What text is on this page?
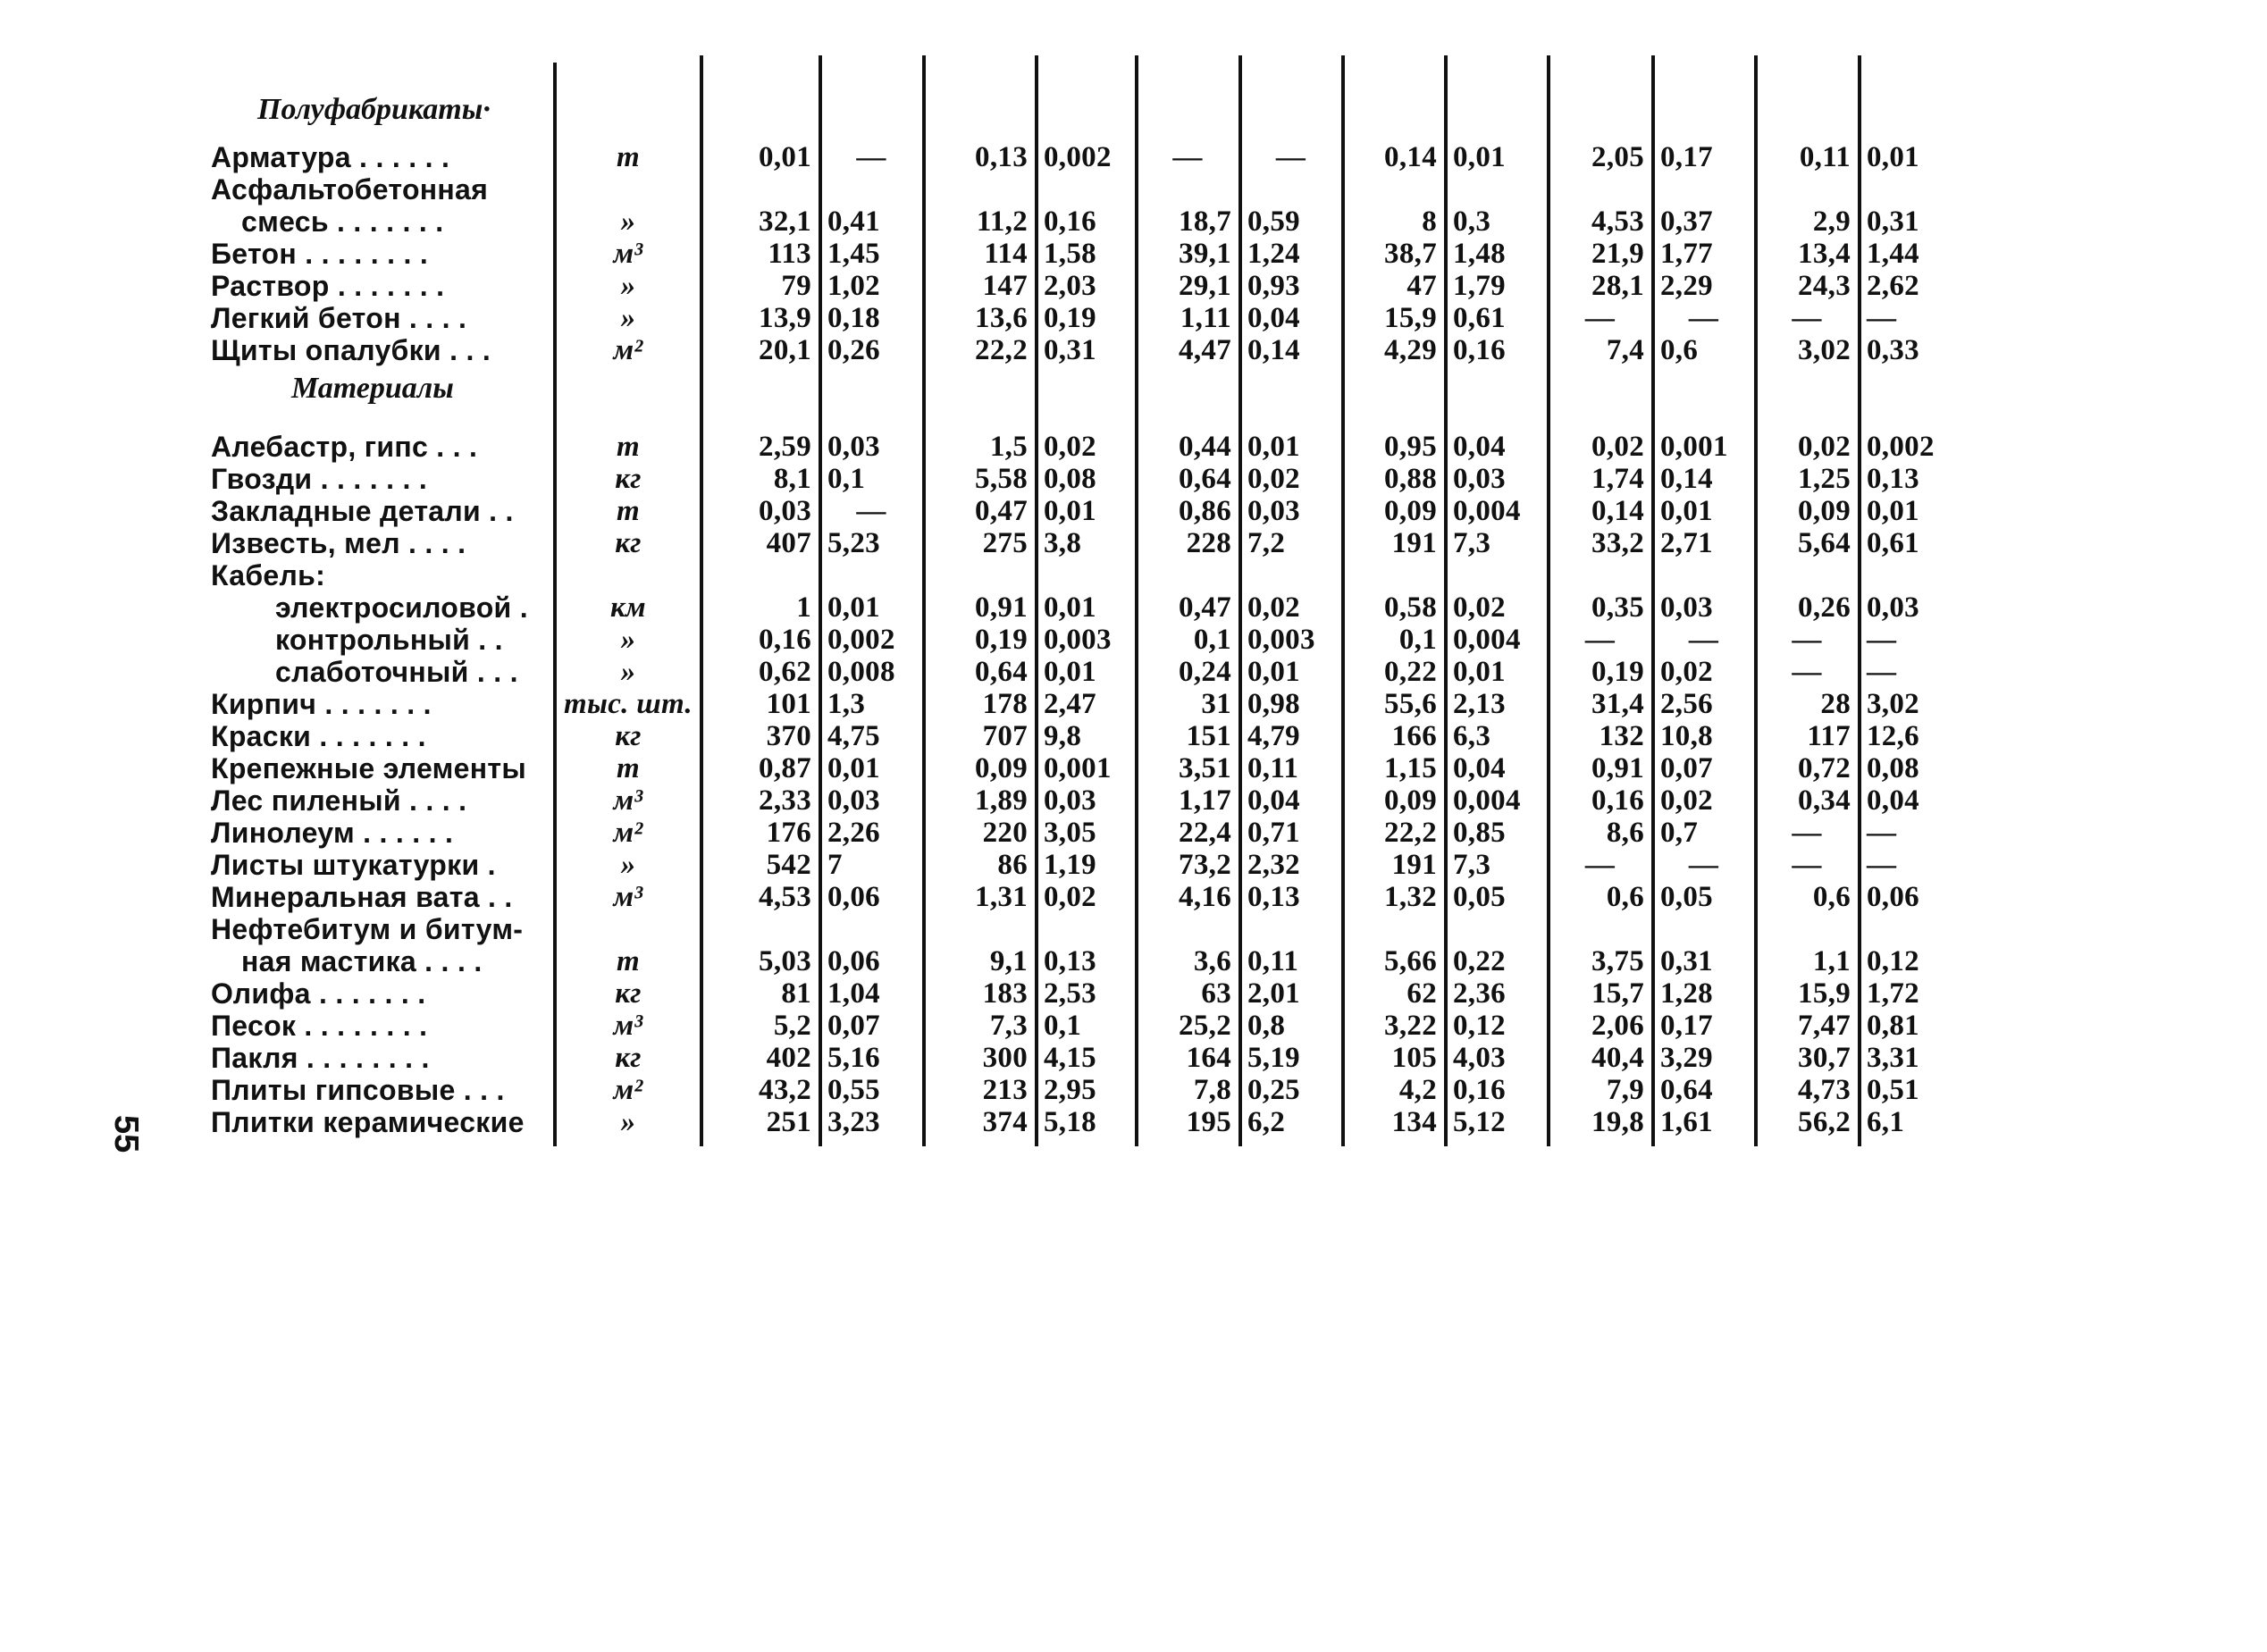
Полуфабрикаты·
Арматура . . . . . .	т	0,01	—	0,13 0,002	—	—	0,14 0,01	2,05 0,17	0,11 0,01
Асфальтобетонная
смесь . . . . . . .	»	32,1 0,41	11,2 0,16	18,7 0,59	8 0,3	4,53 0,37	2,9 0,31
Бетон . . . . . . . .	м³	113 1,45	114 1,58	39,1 1,24	38,7 1,48	21,9 1,77	13,4 1,44
Раствор . . . . . . .	»	79 1,02	147 2,03	29,1 0,93	47 1,79	28,1 2,29	24,3 2,62
Легкий бетон . . . .	»	13,9 0,18	13,6 0,19	1,11 0,04	15,9 0,61	—	—	—	—
Щиты опалубки . . .	м²	20,1 0,26	22,2 0,31	4,47 0,14	4,29 0,16	7,4 0,6	3,02 0,33
Материалы
Алебастр, гипс . . .	т	2,59 0,03	1,5 0,02	0,44 0,01	0,95 0,04	0,02 0,001	0,02 0,002
Гвозди . . . . . . .	кг	8,1 0,1	5,58 0,08	0,64 0,02	0,88 0,03	1,74 0,14	1,25 0,13
Закладные детали . .	т	0,03	—	0,47 0,01	0,86 0,03	0,09 0,004	0,14 0,01	0,09 0,01
Известь, мел . . . .	кг	407 5,23	275 3,8	228 7,2	191 7,3	33,2 2,71	5,64 0,61
Кабель:
электросиловой .	км	1 0,01	0,91 0,01	0,47 0,02	0,58 0,02	0,35 0,03	0,26 0,03
контрольный . .	»	0,16 0,002	0,19 0,003	0,1 0,003	0,1 0,004	—	—	—	—
слаботочный . . .	»	0,62 0,008	0,64 0,01	0,24 0,01	0,22 0,01	0,19 0,02	—	—
Кирпич . . . . . . .	тыс. шт.	101 1,3	178 2,47	31 0,98	55,6 2,13	31,4 2,56	28 3,02
Краски . . . . . . .	кг	370 4,75	707 9,8	151 4,79	166 6,3	132 10,8	117 12,6
Крепежные элементы	т	0,87 0,01	0,09 0,001	3,51 0,11	1,15 0,04	0,91 0,07	0,72 0,08
Лес пиленый . . . .	м³	2,33 0,03	1,89 0,03	1,17 0,04	0,09 0,004	0,16 0,02	0,34 0,04
Линолеум . . . . . .	м²	176 2,26	220 3,05	22,4 0,71	22,2 0,85	8,6 0,7	—	—
Листы штукатурки .	»	542 7	86 1,19	73,2 2,32	191 7,3	—	—	—	—
Минеральная вата . .	м³	4,53 0,06	1,31 0,02	4,16 0,13	1,32 0,05	0,6 0,05	0,6 0,06
Нефтебитум и битум-
ная мастика . . . .	т	5,03 0,06	9,1 0,13	3,6 0,11	5,66 0,22	3,75 0,31	1,1 0,12
Олифа . . . . . . .	кг	81 1,04	183 2,53	63 2,01	62 2,36	15,7 1,28	15,9 1,72
Песок . . . . . . . .	м³	5,2 0,07	7,3 0,1	25,2 0,8	3,22 0,12	2,06 0,17	7,47 0,81
Пакля . . . . . . . .	кг	402 5,16	300 4,15	164 5,19	105 4,03	40,4 3,29	30,7 3,31
Плиты гипсовые . . .	м²	43,2 0,55	213 2,95	7,8 0,25	4,2 0,16	7,9 0,64	4,73 0,51
Плитки керамические	»	251 3,23	374 5,18	195 6,2	134 5,12	19,8 1,61	56,2 6,1
55
